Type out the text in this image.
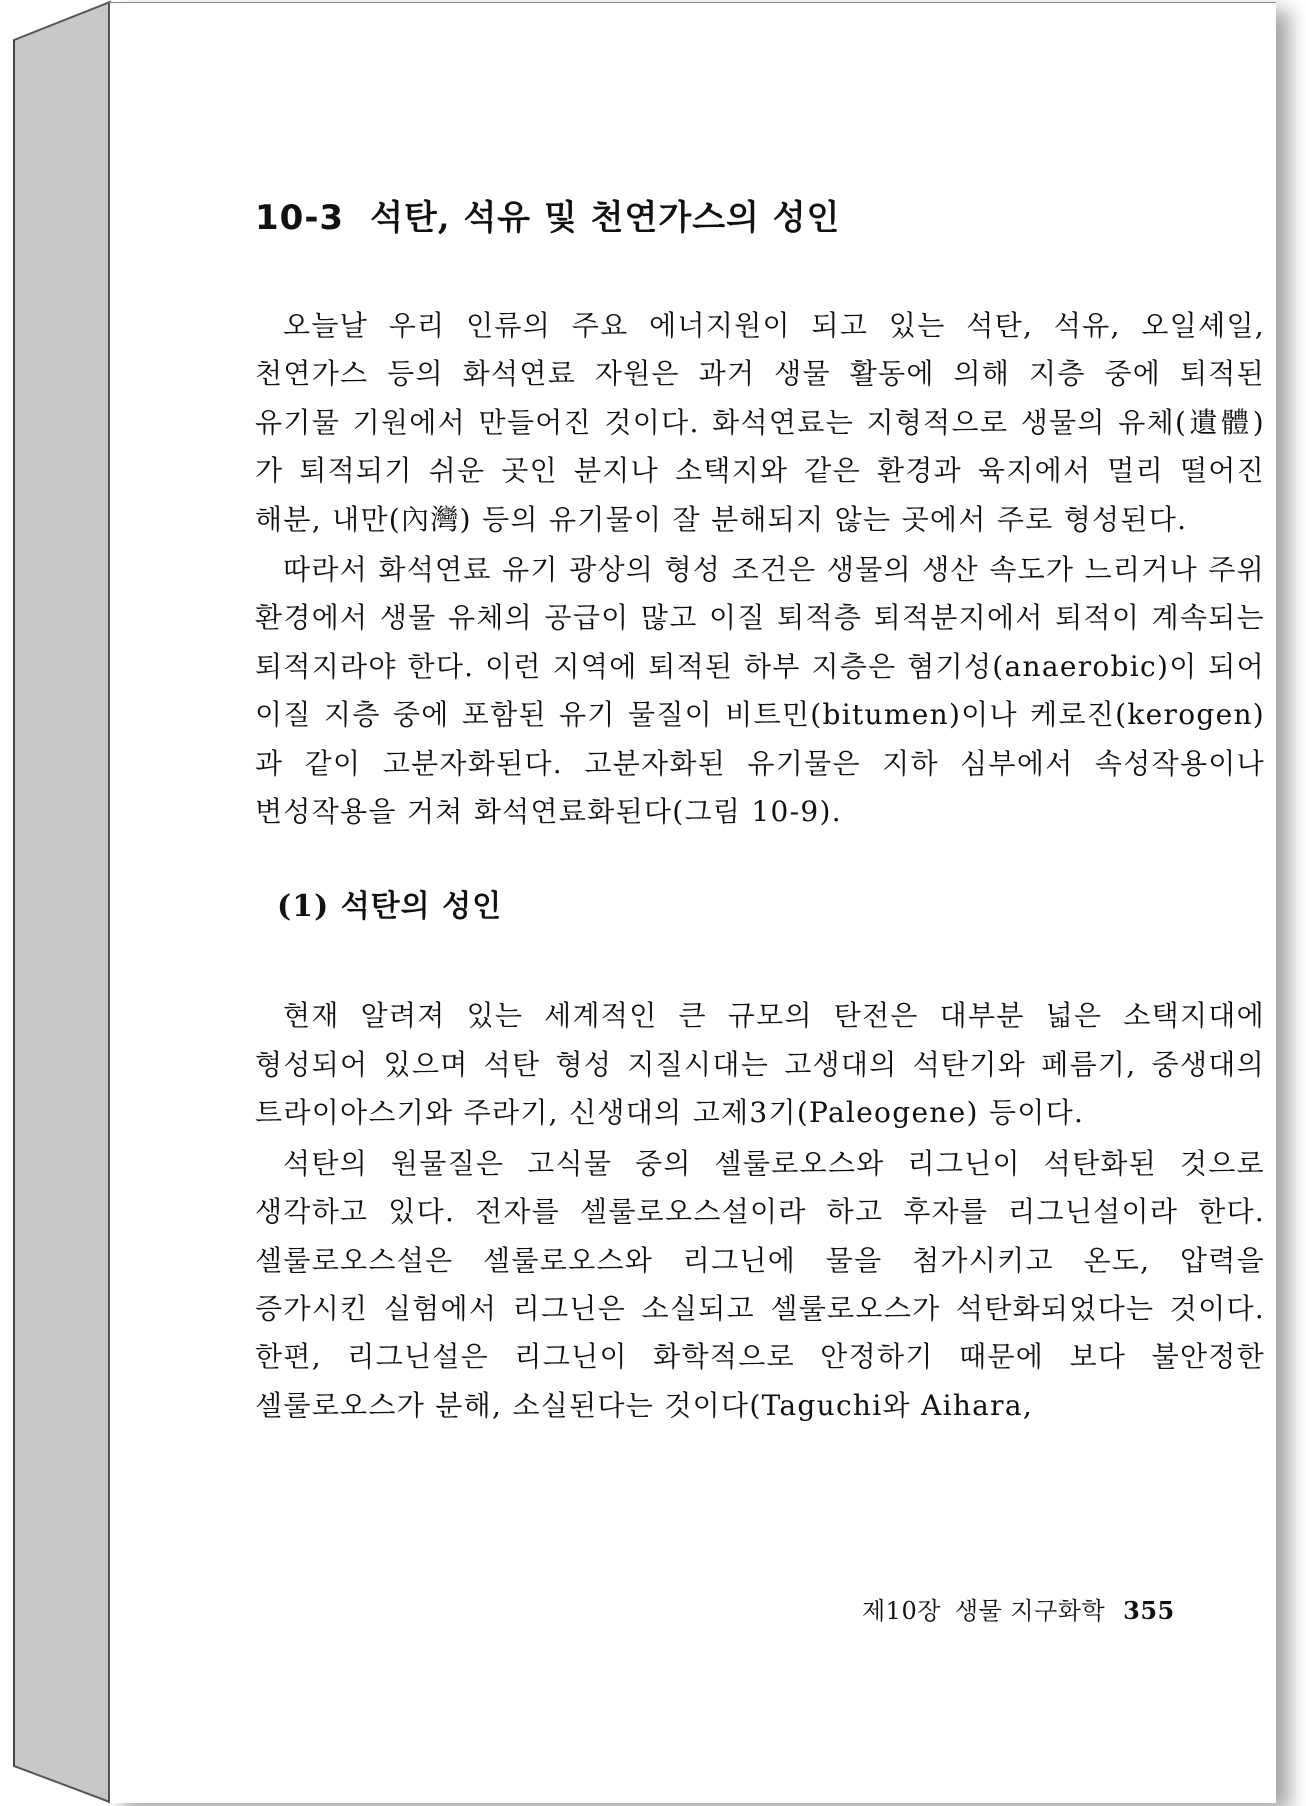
10-3 석탄, 석유 및 천연가스의 성인

오늘날 우리 인류의 주요 에너지원이 되고 있는 석탄, 석유, 오일셰일, 천연가스 등의 화석연료 자원은 과거 생물 활동에 의해 지층 중에 퇴적된 유기물 기원에서 만들어진 것이다. 화석연료는 지형적으로 생물의 유체(遺體)가 퇴적되기 쉬운 곳인 분지나 소택지와 같은 환경과 육지에서 멀리 떨어진 해분, 내만(內灣) 등의 유기물이 잘 분해되지 않는 곳에서 주로 형성된다.

따라서 화석연료 유기 광상의 형성 조건은 생물의 생산 속도가 느리거나 주위 환경에서 생물 유체의 공급이 많고 이질 퇴적층 퇴적분지에서 퇴적이 계속되는 퇴적지라야 한다. 이런 지역에 퇴적된 하부 지층은 혐기성(anaerobic)이 되어 이질 지층 중에 포함된 유기 물질이 비트민(bitumen)이나 케로진(kerogen)과 같이 고분자화된다. 고분자화된 유기물은 지하 심부에서 속성작용이나 변성작용을 거쳐 화석연료화된다(그림 10-9).

(1) 석탄의 성인

현재 알려져 있는 세계적인 큰 규모의 탄전은 대부분 넓은 소택지대에 형성되어 있으며 석탄 형성 지질시대는 고생대의 석탄기와 페름기, 중생대의 트라이아스기와 주라기, 신생대의 고제3기(Paleogene) 등이다.

석탄의 원물질은 고식물 중의 셀룰로오스와 리그닌이 석탄화된 것으로 생각하고 있다. 전자를 셀룰로오스설이라 하고 후자를 리그닌설이라 한다. 셀룰로오스설은 셀룰로오스와 리그닌에 물을 첨가시키고 온도, 압력을 증가시킨 실험에서 리그닌은 소실되고 셀룰로오스가 석탄화되었다는 것이다. 한편, 리그닌설은 리그닌이 화학적으로 안정하기 때문에 보다 불안정한 셀룰로오스가 분해, 소실된다는 것이다(Taguchi와 Aihara,

제10장 생물 지구화학 355
